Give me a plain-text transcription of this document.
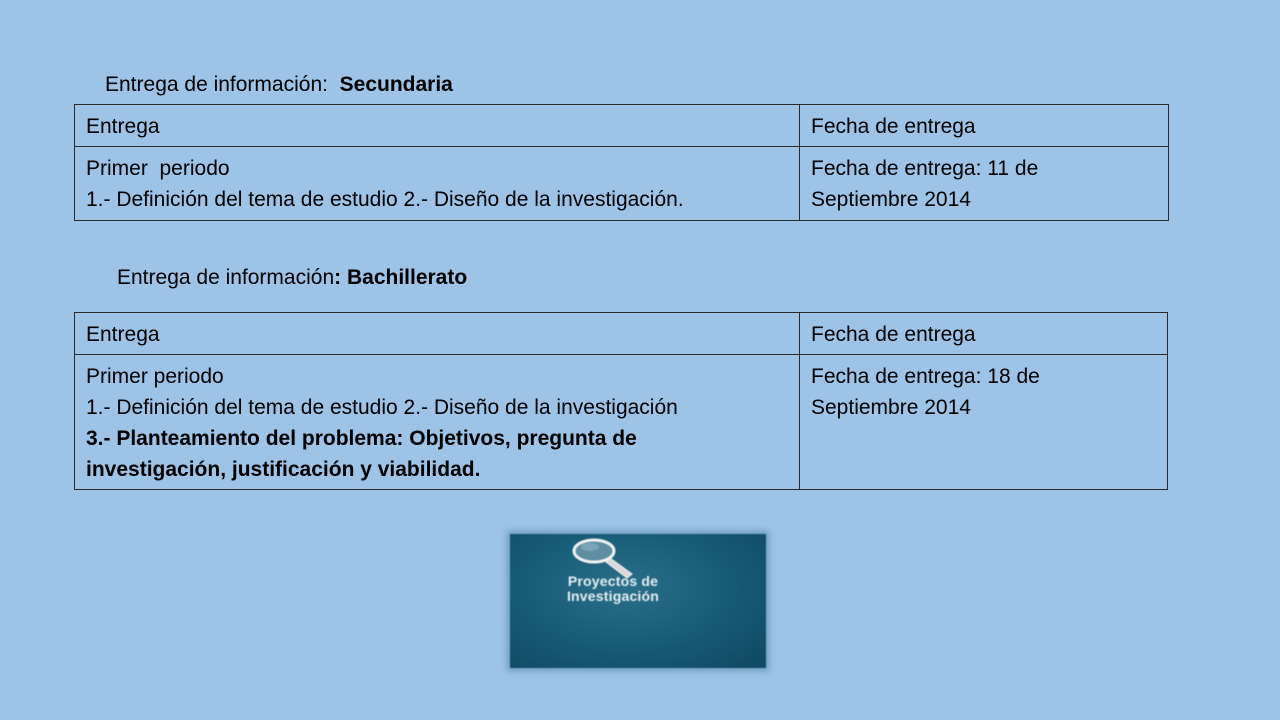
Entrega de información:  Secundaria
Entrega	Fecha de entrega

Primer  periodo
1.- Definición del tema de estudio 2.- Diseño de la investigación.	Fecha de entrega: 11 de
Septiembre 2014
Entrega de información: Bachillerato
Entrega	Fecha de entrega

Primer periodo
1.- Definición del tema de estudio 2.- Diseño de la investigación
3.- Planteamiento del problema: Objetivos, pregunta de
investigación, justificación y viabilidad.	Fecha de entrega: 18 de
Septiembre 2014
Proyectos de
Investigación
